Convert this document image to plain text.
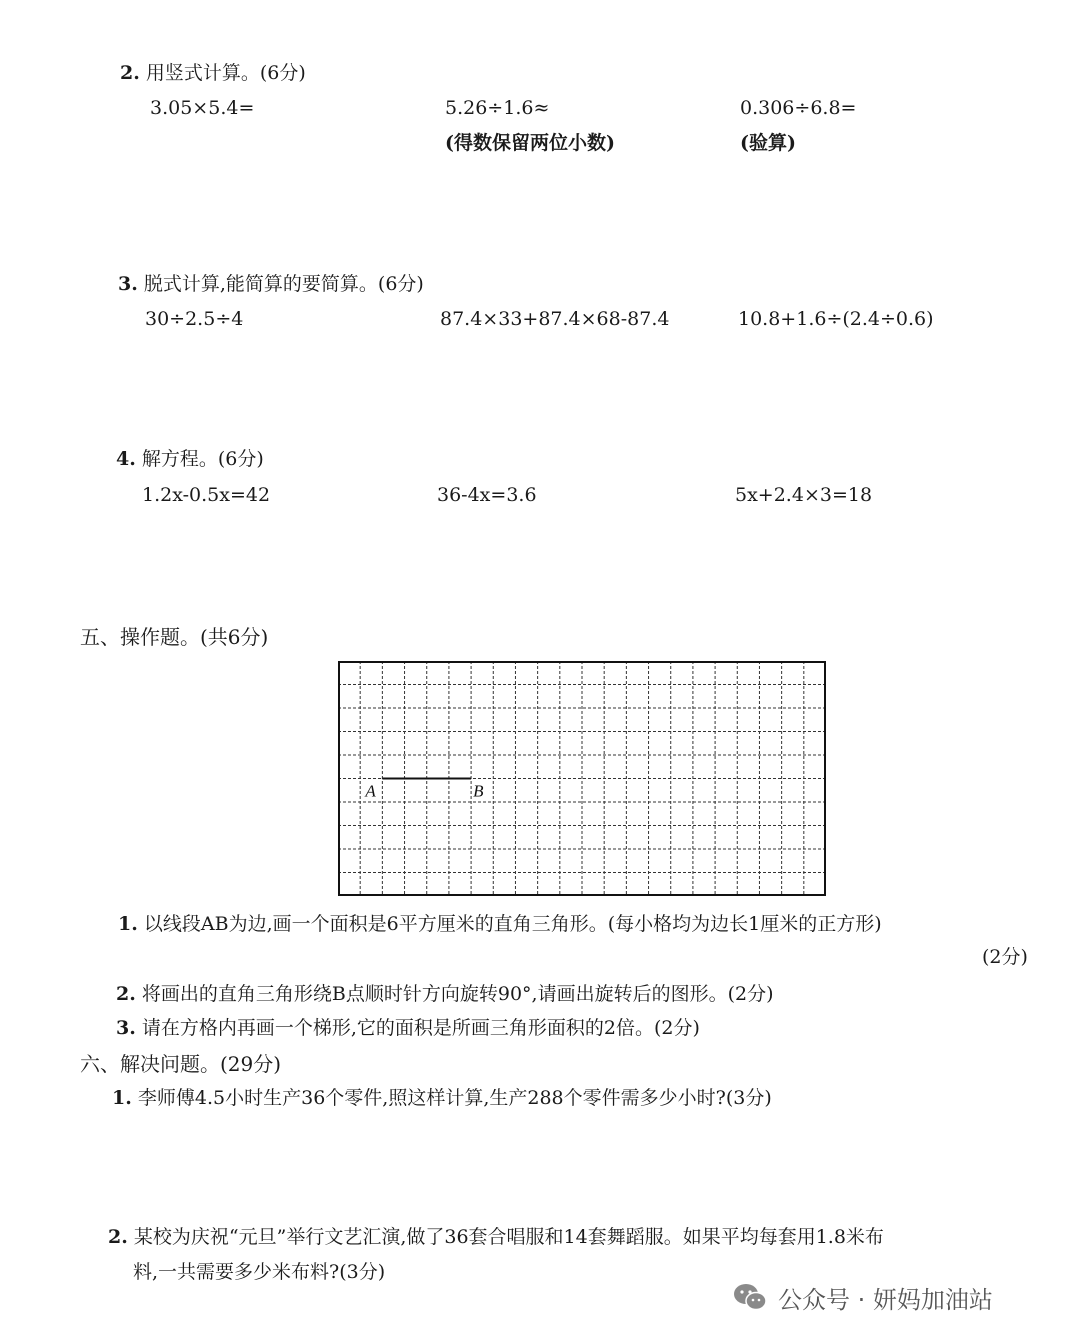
2. 用竖式计算。(6分)
3.05×5.4=	5.26÷1.6≈	0.306÷6.8=
(得数保留两位小数)	(验算)
3. 脱式计算,能简算的要简算。(6分)
30÷2.5÷4	87.4×33+87.4×68-87.4	10.8+1.6÷(2.4÷0.6)
4. 解方程。(6分)
1.2x-0.5x=42	36-4x=3.6	5x+2.4×3=18
五、操作题。(共6分)
A	B
1. 以线段AB为边,画一个面积是6平方厘米的直角三角形。(每小格均为边长1厘米的正方形)
(2分)
2. 将画出的直角三角形绕B点顺时针方向旋转90°,请画出旋转后的图形。(2分)
3. 请在方格内再画一个梯形,它的面积是所画三角形面积的2倍。(2分)
六、解决问题。(29分)
1. 李师傅4.5小时生产36个零件,照这样计算,生产288个零件需多少小时?(3分)
2. 某校为庆祝“元旦”举行文艺汇演,做了36套合唱服和14套舞蹈服。如果平均每套用1.8米布
料,一共需要多少米布料?(3分)
公众号 · 妍妈加油站
